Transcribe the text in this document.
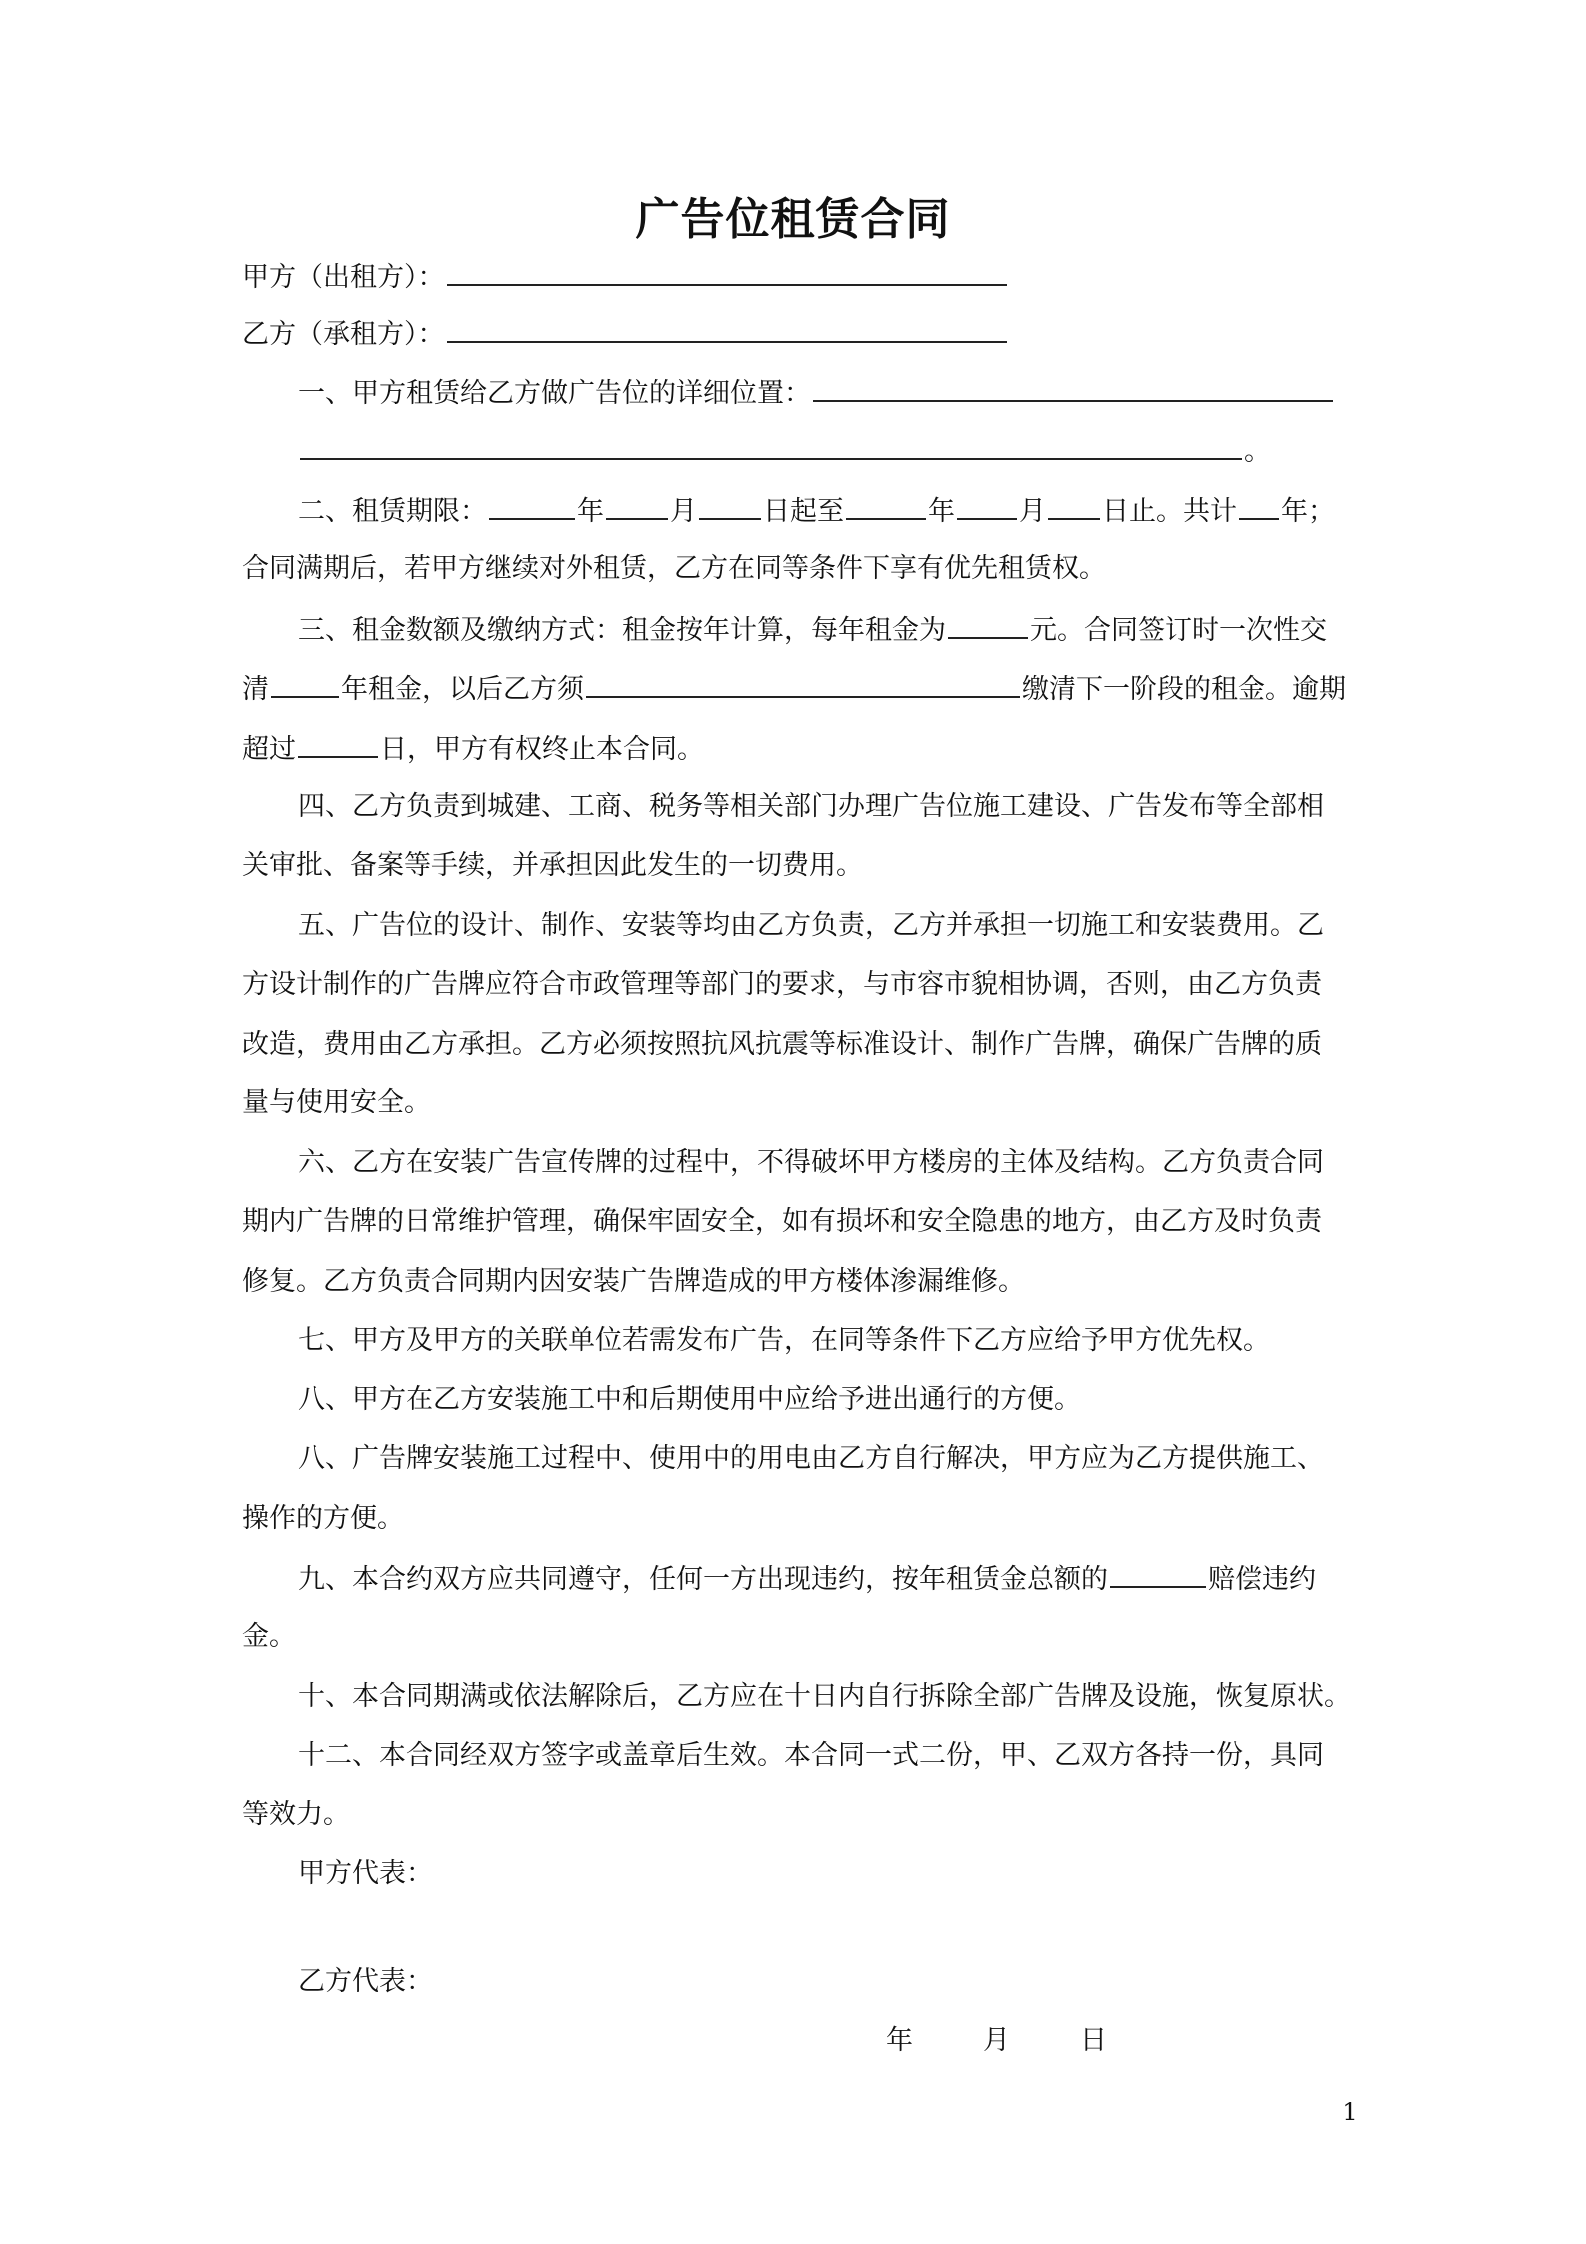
广告位租赁合同
甲方（出租方）：
乙方（承租方）：
一、甲方租赁给乙方做广告位的详细位置：
。
二、租赁期限：	年 月 日起至	年 月 日止。共计 年；
合同满期后，若甲方继续对外租赁，乙方在同等条件下享有优先租赁权。
三、租金数额及缴纳方式：租金按年计算，每年租金为	元。合同签订时一次性交
清	年租金，以后乙方须	缴清下一阶段的租金。逾期
超过	日，甲方有权终止本合同。
四、乙方负责到城建、工商、税务等相关部门办理广告位施工建设、广告发布等全部相
关审批、备案等手续，并承担因此发生的一切费用。
五、广告位的设计、制作、安装等均由乙方负责，乙方并承担一切施工和安装费用。乙
方设计制作的广告牌应符合市政管理等部门的要求，与市容市貌相协调，否则，由乙方负责
改造，费用由乙方承担。乙方必须按照抗风抗震等标准设计、制作广告牌，确保广告牌的质
量与使用安全。
六、乙方在安装广告宣传牌的过程中，不得破坏甲方楼房的主体及结构。乙方负责合同
期内广告牌的日常维护管理，确保牢固安全，如有损坏和安全隐患的地方，由乙方及时负责
修复。乙方负责合同期内因安装广告牌造成的甲方楼体渗漏维修。
七、甲方及甲方的关联单位若需发布广告，在同等条件下乙方应给予甲方优先权。
八、甲方在乙方安装施工中和后期使用中应给予进出通行的方便。
八、广告牌安装施工过程中、使用中的用电由乙方自行解决，甲方应为乙方提供施工、
操作的方便。
九、本合约双方应共同遵守，任何一方出现违约，按年租赁金总额的	赔偿违约
金。
十、本合同期满或依法解除后，乙方应在十日内自行拆除全部广告牌及设施，恢复原状。
十二、本合同经双方签字或盖章后生效。本合同一式二份，甲、乙双方各持一份，具同
等效力。
甲方代表：
乙方代表：
年	月	日
1
